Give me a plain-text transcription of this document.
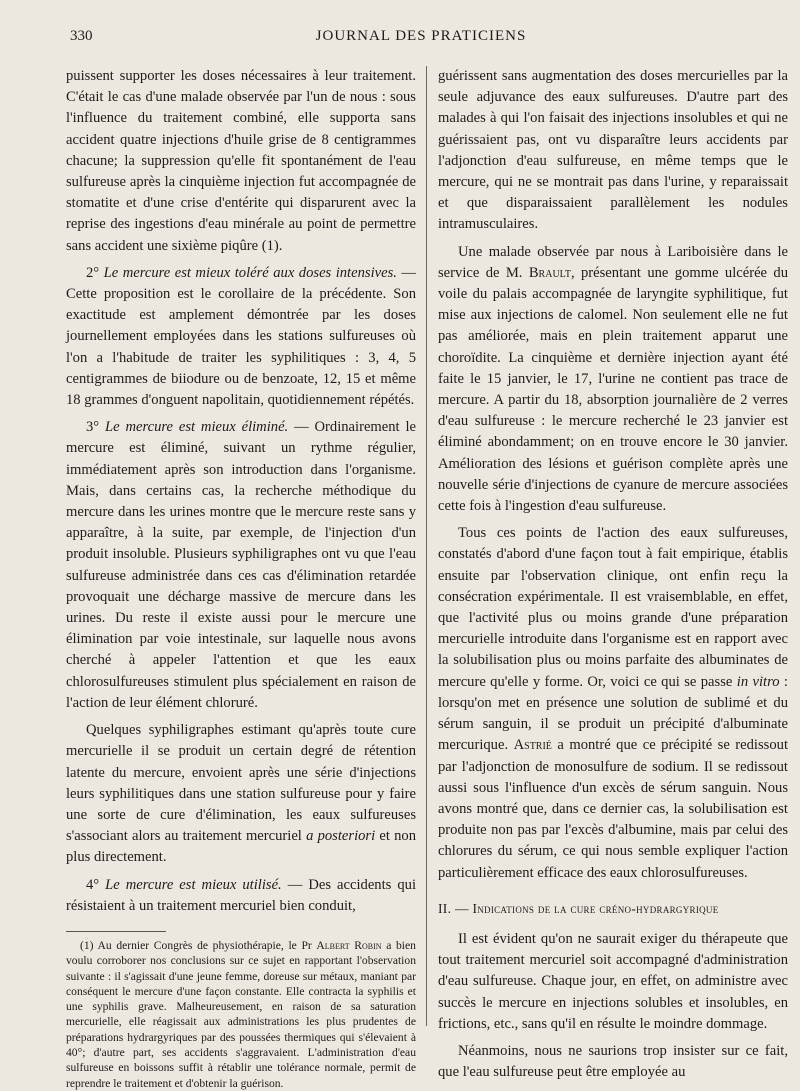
330	JOURNAL DES PRATICIENS

puissent supporter les doses nécessaires à leur traitement. C'était le cas d'une malade observée par l'un de nous : sous l'influence du traitement combiné, elle supporta sans accident quatre injections d'huile grise de 8 centigrammes chacune; la suppression qu'elle fit spontanément de l'eau sulfureuse après la cinquième injection fut accompagnée de stomatite et d'une crise d'entérite qui disparurent avec la reprise des ingestions d'eau minérale au point de permettre sans accident une sixième piqûre (1).

2° Le mercure est mieux toléré aux doses intensives. — Cette proposition est le corollaire de la précédente. Son exactitude est amplement démontrée par les doses journellement employées dans les stations sulfureuses où l'on a l'habitude de traiter les syphilitiques : 3, 4, 5 centigrammes de biiodure ou de benzoate, 12, 15 et même 18 grammes d'onguent napolitain, quotidiennement répétés.

3° Le mercure est mieux éliminé. — Ordinairement le mercure est éliminé, suivant un rythme régulier, immédiatement après son introduction dans l'organisme. Mais, dans certains cas, la recherche méthodique du mercure dans les urines montre que le mercure reste sans y apparaître, à la suite, par exemple, de l'injection d'un produit insoluble. Plusieurs syphiligraphes ont vu que l'eau sulfureuse administrée dans ces cas d'élimination retardée provoquait une décharge massive de mercure dans les urines. Du reste il existe aussi pour le mercure une élimination par voie intestinale, sur laquelle nous avons cherché à appeler l'attention et que les eaux chlorosulfureuses stimulent plus spécialement en raison de l'action de leur élément chloruré.

Quelques syphiligraphes estimant qu'après toute cure mercurielle il se produit un certain degré de rétention latente du mercure, envoient après une série d'injections leurs syphilitiques dans une station sulfureuse pour y faire une sorte de cure d'élimination, les eaux sulfureuses s'associant alors au traitement mercuriel a posteriori et non plus directement.

4° Le mercure est mieux utilisé. — Des accidents qui résistaient à un traitement mercuriel bien conduit,

(1) Au dernier Congrès de physiothérapie, le Pr Albert Robin a bien voulu corroborer nos conclusions sur ce sujet en rapportant l'observation suivante : il s'agissait d'une jeune femme, doreuse sur métaux, maniant par conséquent le mercure d'une façon constante. Elle contracta la syphilis et une syphilis grave. Malheureusement, en raison de sa saturation mercurielle, elle réagissait aux administrations les plus prudentes de préparations hydrargyriques par des poussées thermiques qui s'élevaient à 40°; d'autre part, ses accidents s'aggravaient. L'administration d'eau sulfureuse en boissons suffit à rétablir une tolérance normale, permit de reprendre le traitement et d'obtenir la guérison.

guérissent sans augmentation des doses mercurielles par la seule adjuvance des eaux sulfureuses. D'autre part des malades à qui l'on faisait des injections insolubles et qui ne guérissaient pas, ont vu disparaître leurs accidents par l'adjonction d'eau sulfureuse, en même temps que le mercure, qui ne se montrait pas dans l'urine, y reparaissait et que disparaissaient parallèlement les nodules intramusculaires.

Une malade observée par nous à Lariboisière dans le service de M. Brault, présentant une gomme ulcérée du voile du palais accompagnée de laryngite syphilitique, fut mise aux injections de calomel. Non seulement elle ne fut pas améliorée, mais en plein traitement apparut une choroïdite. La cinquième et dernière injection ayant été faite le 15 janvier, le 17, l'urine ne contient pas trace de mercure. A partir du 18, absorption journalière de 2 verres d'eau sulfureuse : le mercure recherché le 23 janvier est éliminé abondamment; on en trouve encore le 30 janvier. Amélioration des lésions et guérison complète après une nouvelle série d'injections de cyanure de mercure associées cette fois à l'ingestion d'eau sulfureuse.

Tous ces points de l'action des eaux sulfureuses, constatés d'abord d'une façon tout à fait empirique, établis ensuite par l'observation clinique, ont enfin reçu la consécration expérimentale. Il est vraisemblable, en effet, que l'activité plus ou moins grande d'une préparation mercurielle introduite dans l'organisme est en rapport avec la solubilisation plus ou moins parfaite des albuminates de mercure qu'elle y forme. Or, voici ce qui se passe in vitro : lorsqu'on met en présence une solution de sublimé et du sérum sanguin, il se produit un précipité d'albuminate mercurique. Astrié a montré que ce précipité se redissout par l'adjonction de monosulfure de sodium. Il se redissout aussi sous l'influence d'un excès de sérum sanguin. Nous avons montré que, dans ce dernier cas, la solubilisation est produite non pas par l'excès d'albumine, mais par celui des chlorures du sérum, ce qui nous semble expliquer l'action particulièrement efficace des eaux chlorosulfureuses.

II. — Indications de la cure créno-hydrargyrique

Il est évident qu'on ne saurait exiger du thérapeute que tout traitement mercuriel soit accompagné d'administration d'eau sulfureuse. Chaque jour, en effet, on administre avec succès le mercure en injections solubles et insolubles, en frictions, etc., sans qu'il en résulte le moindre dommage.

Néanmoins, nous ne saurions trop insister sur ce fait, que l'eau sulfureuse peut être employée au
